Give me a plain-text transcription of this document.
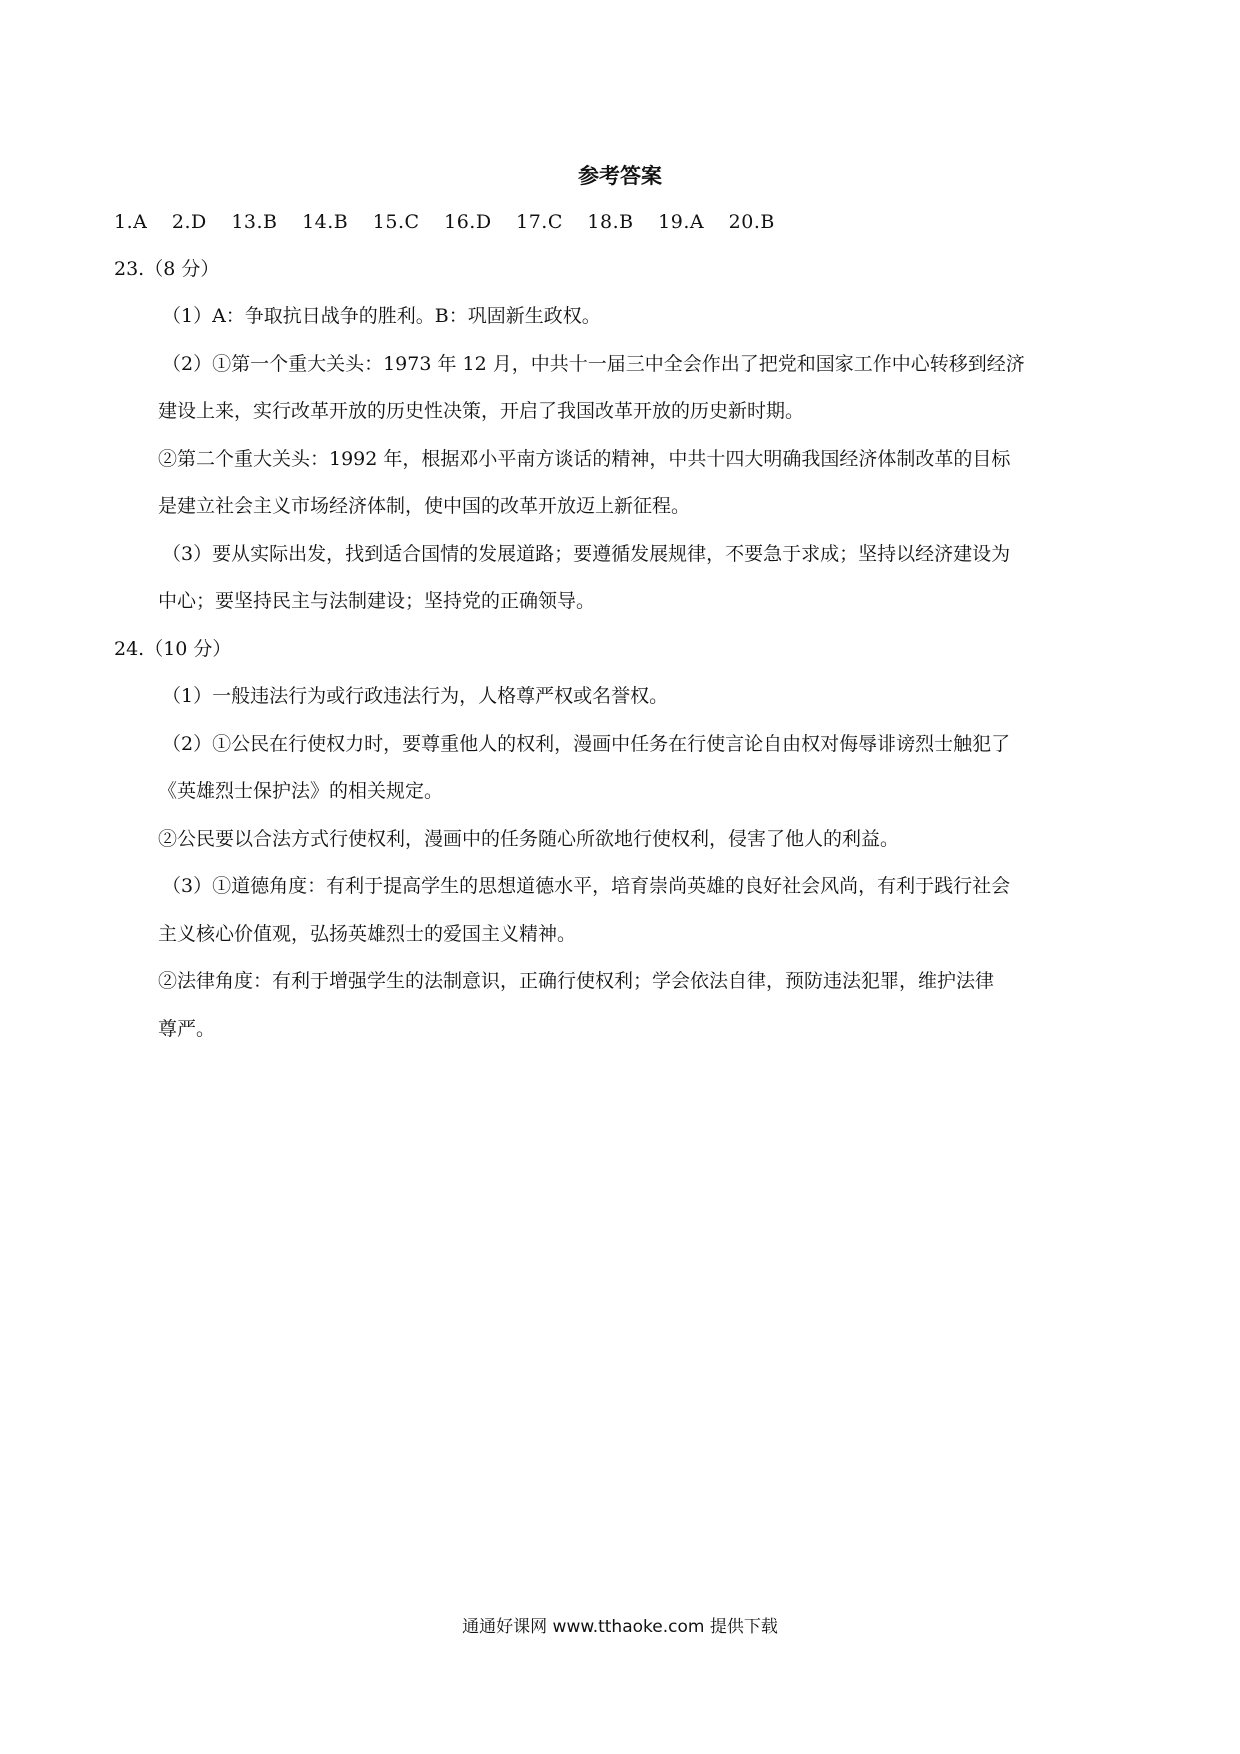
参考答案
1.A 2.D 13.B 14.B 15.C 16.D 17.C 18.B 19.A 20.B
23.（8 分）
（1）A：争取抗日战争的胜利。B：巩固新生政权。
（2）①第一个重大关头：1973 年 12 月，中共十一届三中全会作出了把党和国家工作中心转移到经济
建设上来，实行改革开放的历史性决策，开启了我国改革开放的历史新时期。
②第二个重大关头：1992 年，根据邓小平南方谈话的精神，中共十四大明确我国经济体制改革的目标
是建立社会主义市场经济体制，使中国的改革开放迈上新征程。
（3）要从实际出发，找到适合国情的发展道路；要遵循发展规律，不要急于求成；坚持以经济建设为
中心；要坚持民主与法制建设；坚持党的正确领导。
24.（10 分）
（1）一般违法行为或行政违法行为，人格尊严权或名誉权。
（2）①公民在行使权力时，要尊重他人的权利，漫画中任务在行使言论自由权对侮辱诽谤烈士触犯了
《英雄烈士保护法》的相关规定。
②公民要以合法方式行使权利，漫画中的任务随心所欲地行使权利，侵害了他人的利益。
（3）①道德角度：有利于提高学生的思想道德水平，培育崇尚英雄的良好社会风尚，有利于践行社会
主义核心价值观，弘扬英雄烈士的爱国主义精神。
②法律角度：有利于增强学生的法制意识，正确行使权利；学会依法自律，预防违法犯罪，维护法律
尊严。
通通好课网 www.tthaoke.com 提供下载
